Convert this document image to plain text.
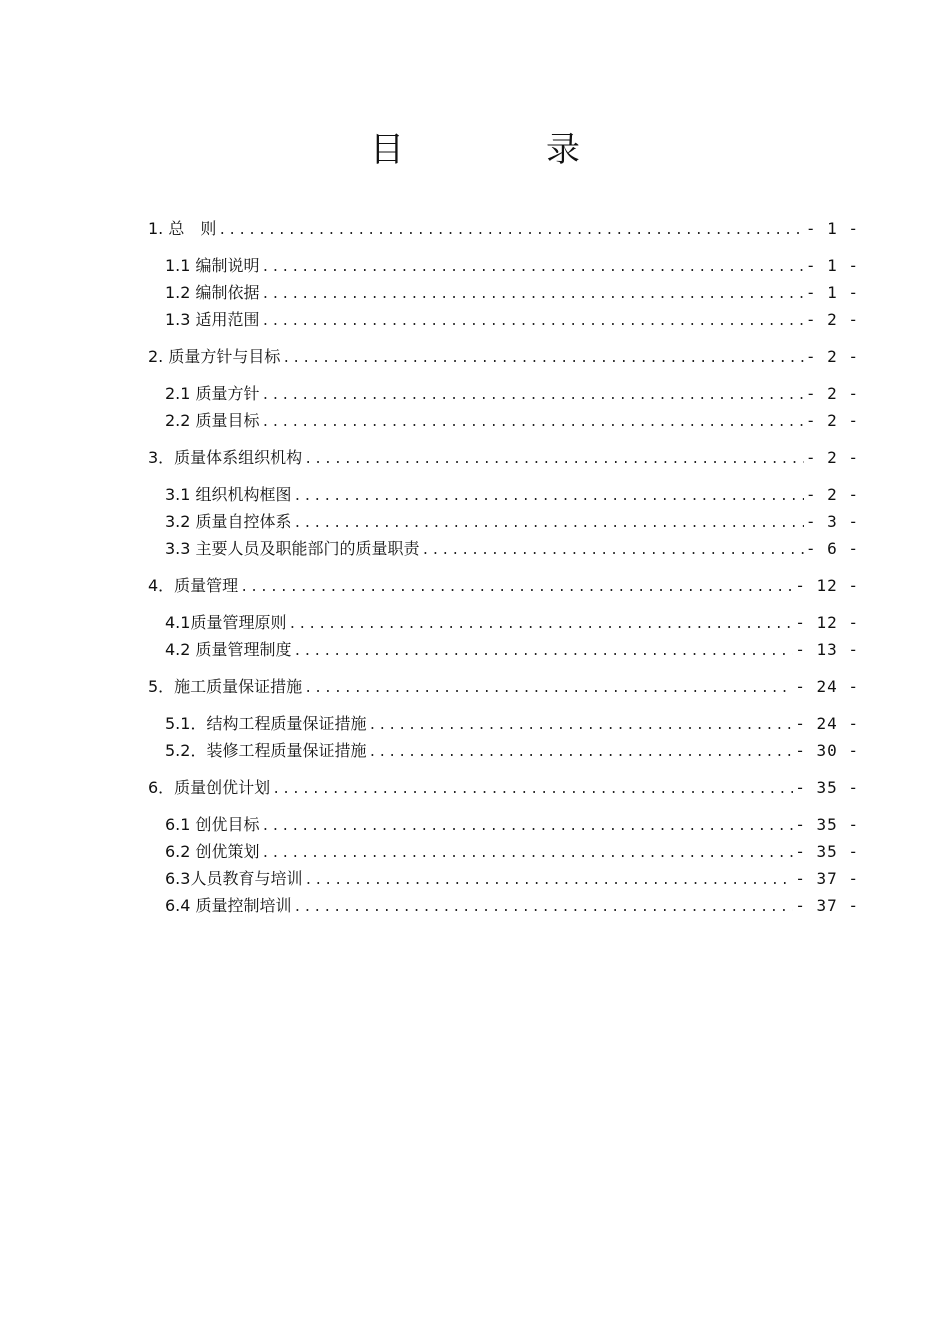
目　录
1. 总　则 .....	- 1 -
1.1 编制说明 .....	- 1 -
1.2 编制依据 .....	- 1 -
1.3 适用范围 .....	- 2 -
2. 质量方针与目标 .....	- 2 -
2.1 质量方针 .....	- 2 -
2.2 质量目标 .....	- 2 -
3．质量体系组织机构 .....	- 2 -
3.1 组织机构框图 .....	- 2 -
3.2 质量自控体系 .....	- 3 -
3.3 主要人员及职能部门的质量职责 .....	- 6 -
4．质量管理 .....	- 12 -
4.1质量管理原则 .....	- 12 -
4.2 质量管理制度 .....	- 13 -
5．施工质量保证措施 .....	- 24 -
5.1．结构工程质量保证措施 .....	- 24 -
5.2．装修工程质量保证措施 .....	- 30 -
6．质量创优计划 .....	- 35 -
6.1 创优目标 .....	- 35 -
6.2 创优策划 .....	- 35 -
6.3人员教育与培训 .....	- 37 -
6.4 质量控制培训 .....	- 37 -
